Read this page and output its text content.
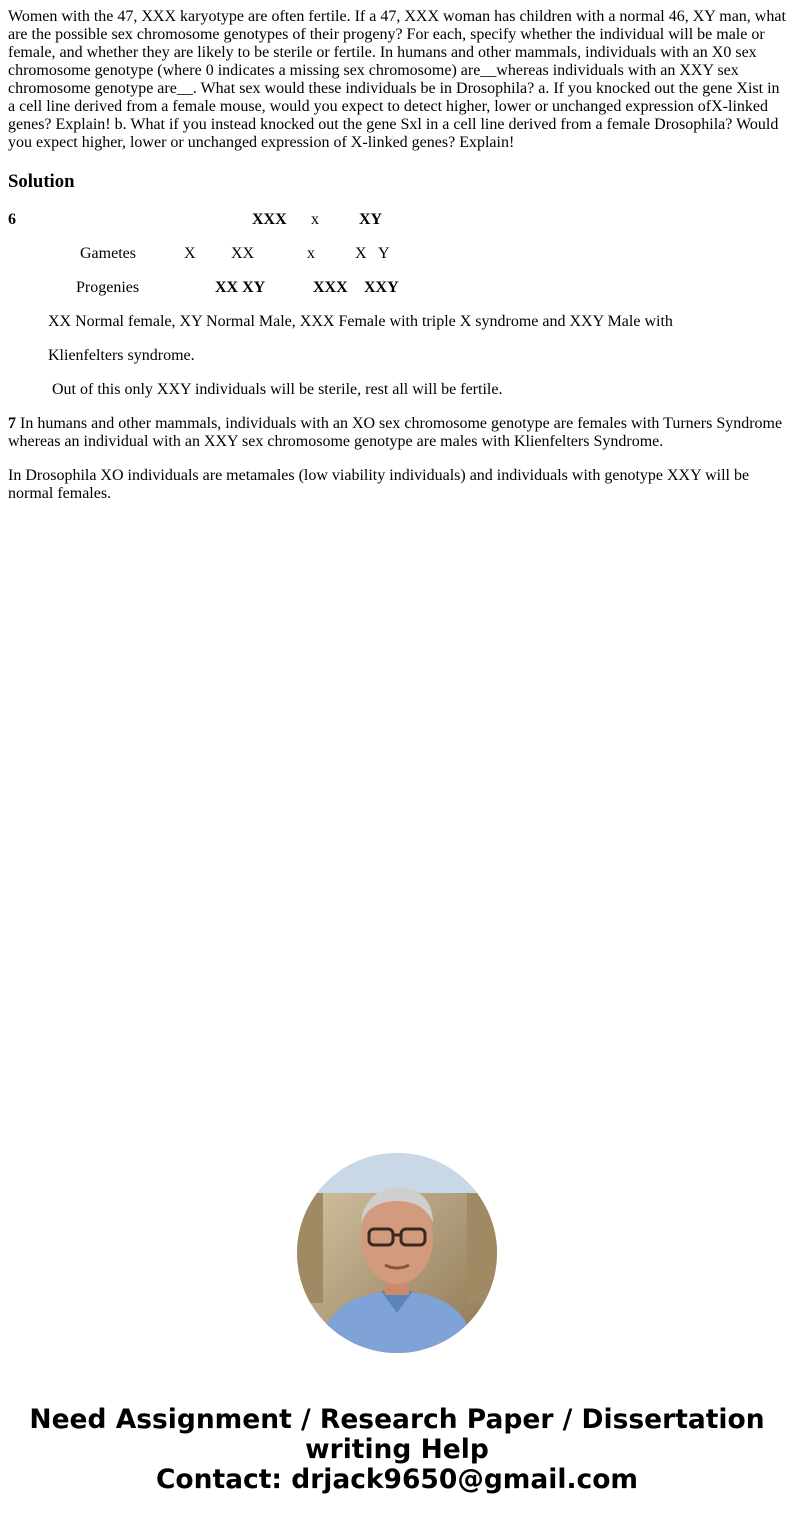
Women with the 47, XXX karyotype are often fertile. If a 47, XXX woman has children with a normal 46, XY man, what are the possible sex chromosome genotypes of their progeny? For each, specify whether the individual will be male or female, and whether they are likely to be sterile or fertile. In humans and other mammals, individuals with an X0 sex chromosome genotype (where 0 indicates a missing sex chromosome) are__whereas individuals with an XXY sex chromosome genotype are__. What sex would these individuals be in Drosophila? a. If you knocked out the gene Xist in a cell line derived from a female mouse, would you expect to detect higher, lower or unchanged expression ofX-linked genes? Explain! b. What if you instead knocked out the gene Sxl in a cell line derived from a female Drosophila? Would you expect higher, lower or unchanged expression of X-linked genes? Explain!

Solution
6	XXX x	XY
Gametes	X XX	x	X Y
Progenies	XX XY	XXX XXY
XX Normal female, XY Normal Male, XXX Female with triple X syndrome and XXY Male with
Klienfelters syndrome.
Out of this only XXY individuals will be sterile, rest all will be fertile.

7 In humans and other mammals, individuals with an XO sex chromosome genotype are females with Turners Syndrome whereas an individual with an XXY sex chromosome genotype are males with Klienfelters Syndrome.

In Drosophila XO individuals are metamales (low viability individuals) and individuals with genotype XXY will be normal females.

Need Assignment / Research Paper / Dissertation

writing Help

Contact: drjack9650@gmail.com
